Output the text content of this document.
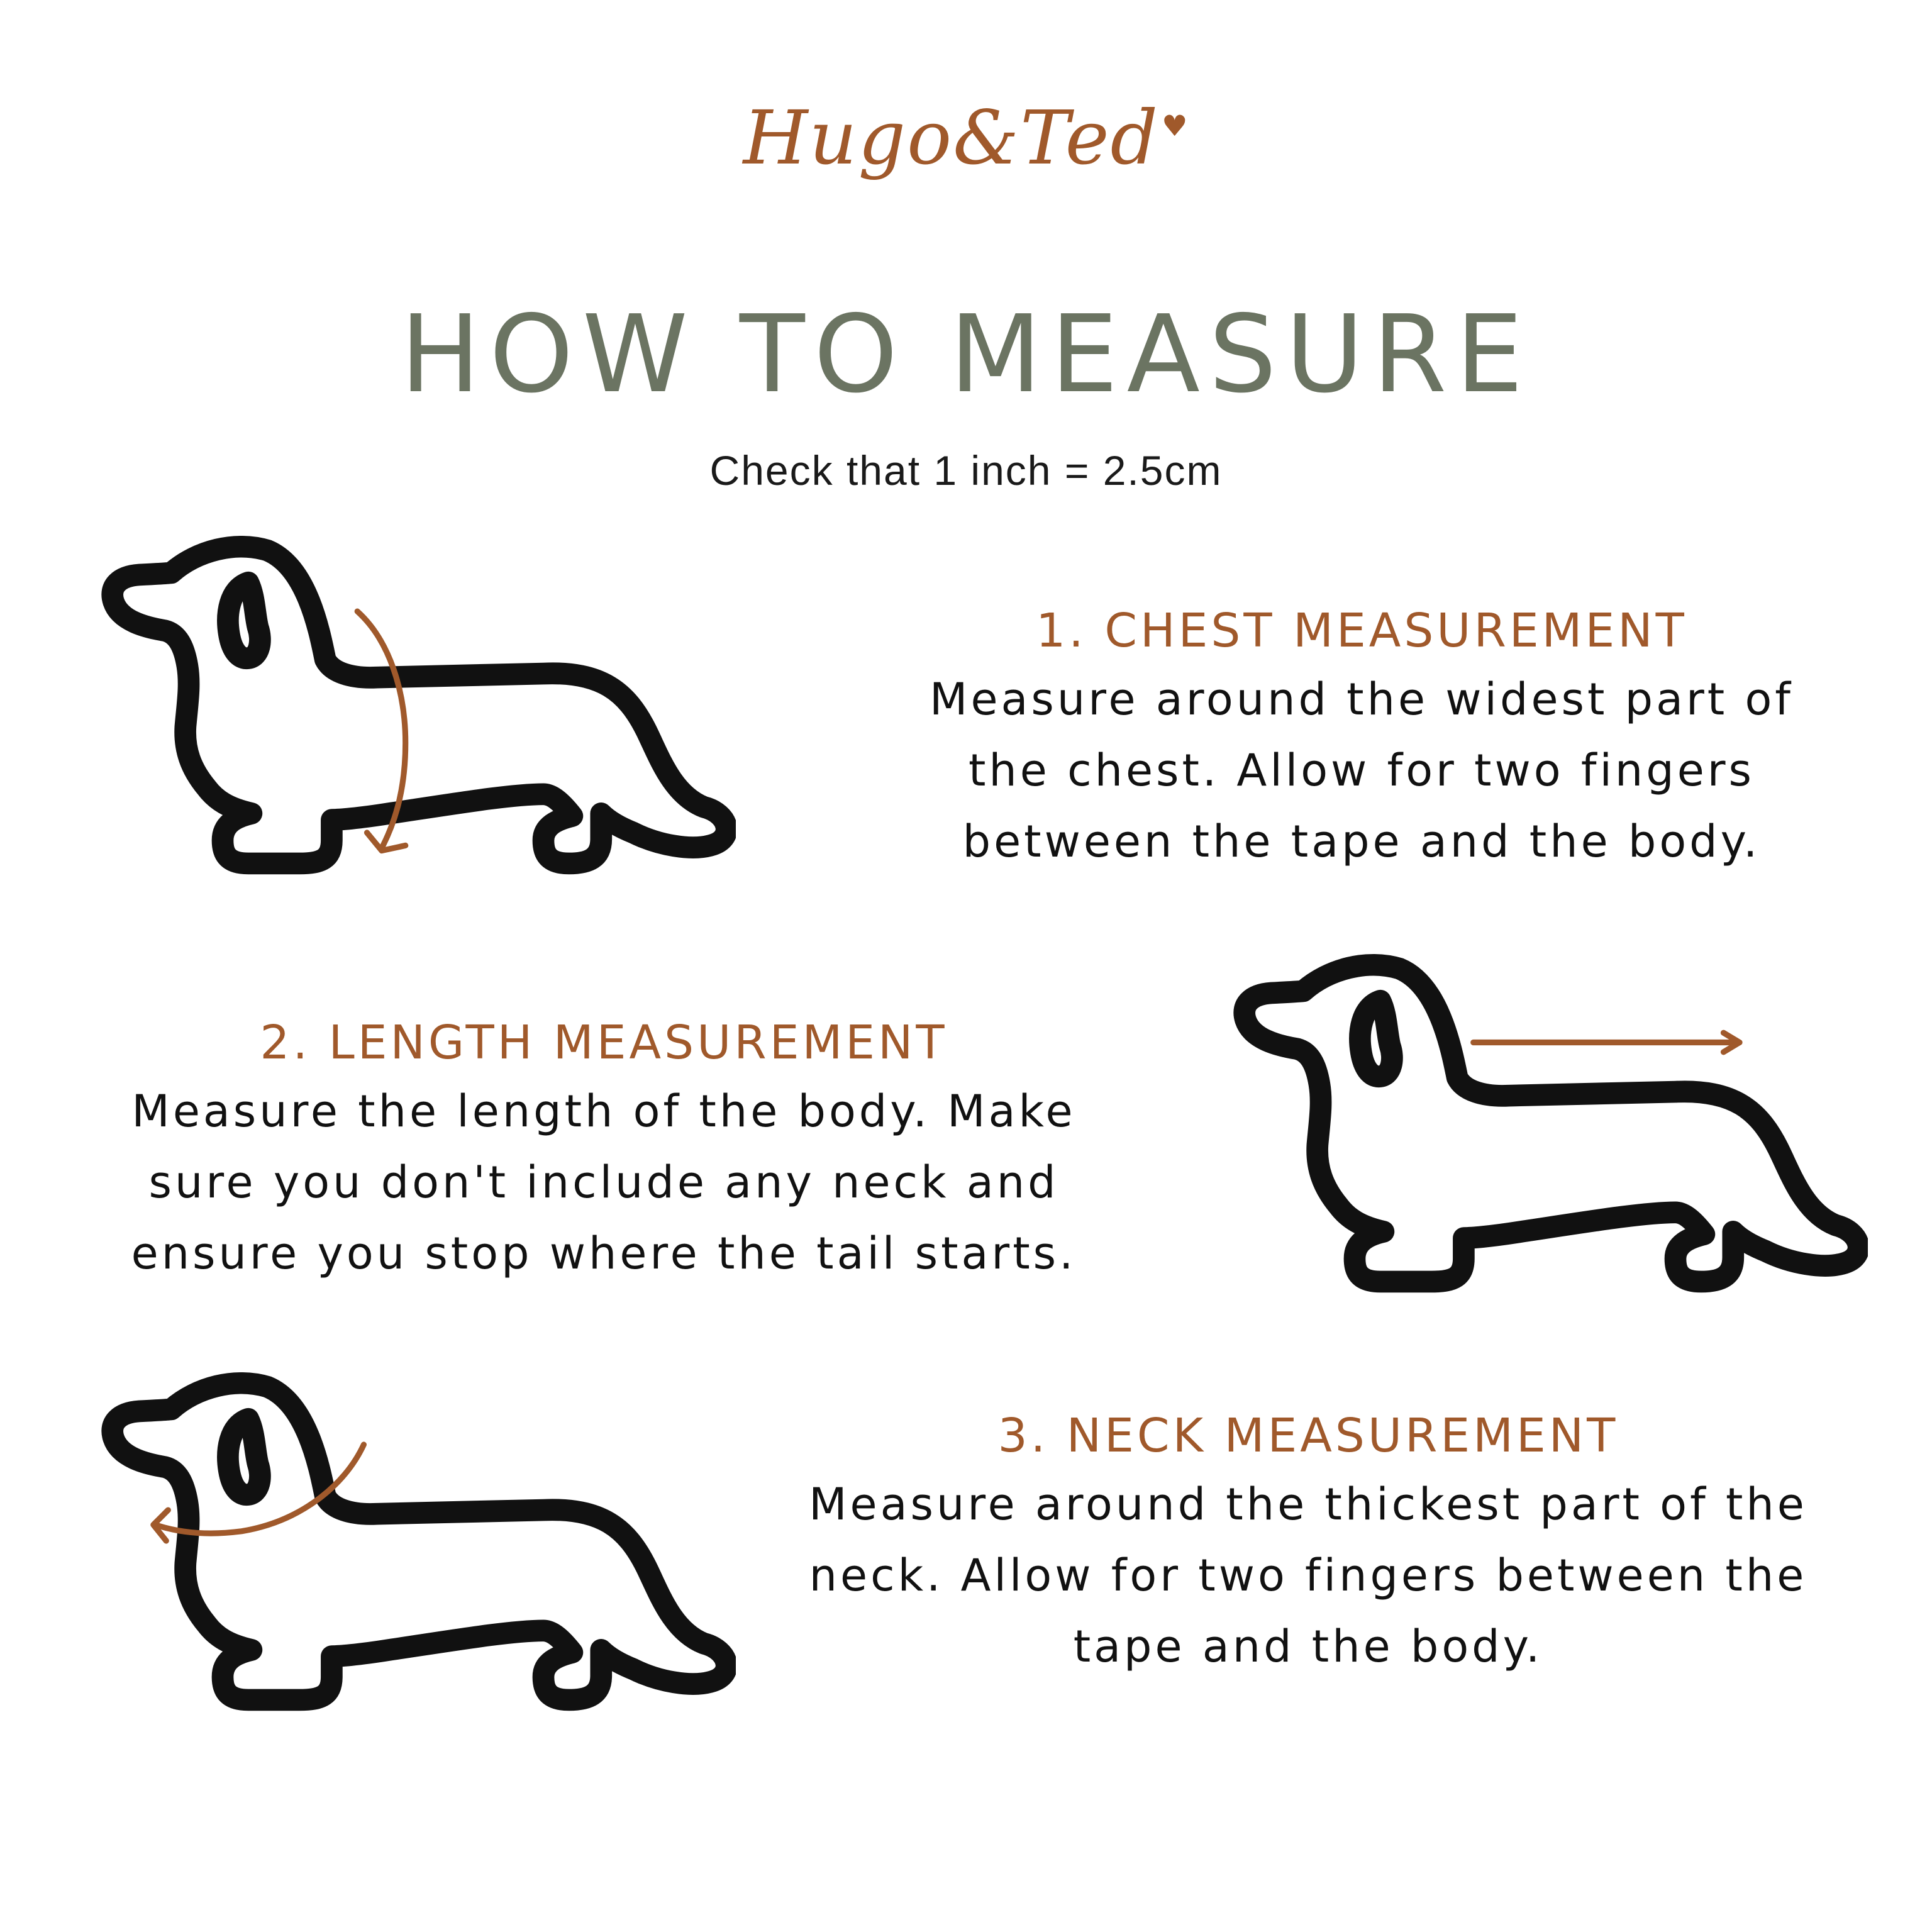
Hugo&Ted♥
HOW TO MEASURE
Check that 1 inch = 2.5cm
1. CHEST MEASUREMENT
Measure around the widest part of
the chest. Allow for two fingers
between the tape and the body.
2. LENGTH MEASUREMENT
Measure the length of the body. Make
sure you don't include any neck and
ensure you stop where the tail starts.
3. NECK MEASUREMENT
Measure around the thickest part of the
neck. Allow for two fingers between the
tape and the body.
